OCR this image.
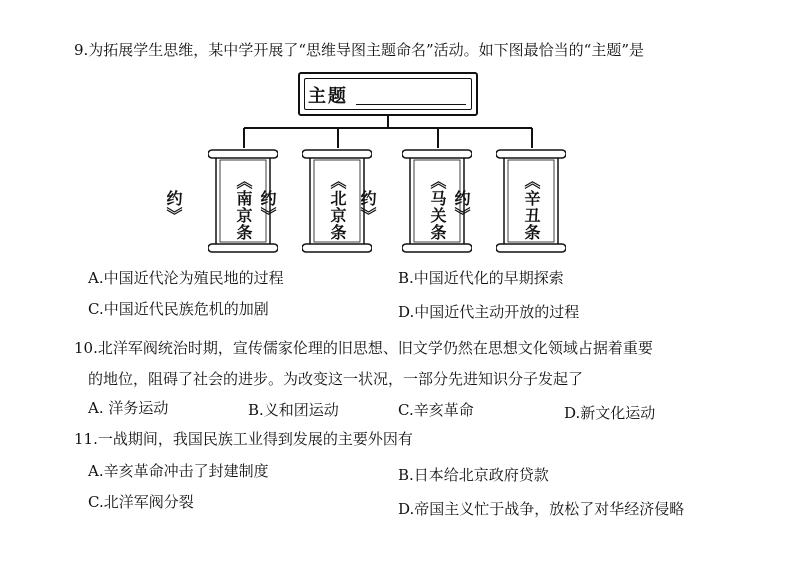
9.为拓展学生思维，某中学开展了“思维导图主题命名”活动。如下图最恰当的“主题”是
主题
《南京条约》	《北京条约》	《马关条约》	《辛丑条约》
A.中国近代沦为殖民地的过程	B.中国近代化的早期探索
C.中国近代民族危机的加剧	D.中国近代主动开放的过程
10.北洋军阀统治时期，宣传儒家伦理的旧思想、旧文学仍然在思想文化领域占据着重要
的地位，阻碍了社会的进步。为改变这一状况，一部分先进知识分子发起了
A. 洋务运动	B.义和团运动	C.辛亥革命	D.新文化运动
11.一战期间，我国民族工业得到发展的主要外因有
A.辛亥革命冲击了封建制度	B.日本给北京政府贷款
C.北洋军阀分裂	D.帝国主义忙于战争，放松了对华经济侵略
